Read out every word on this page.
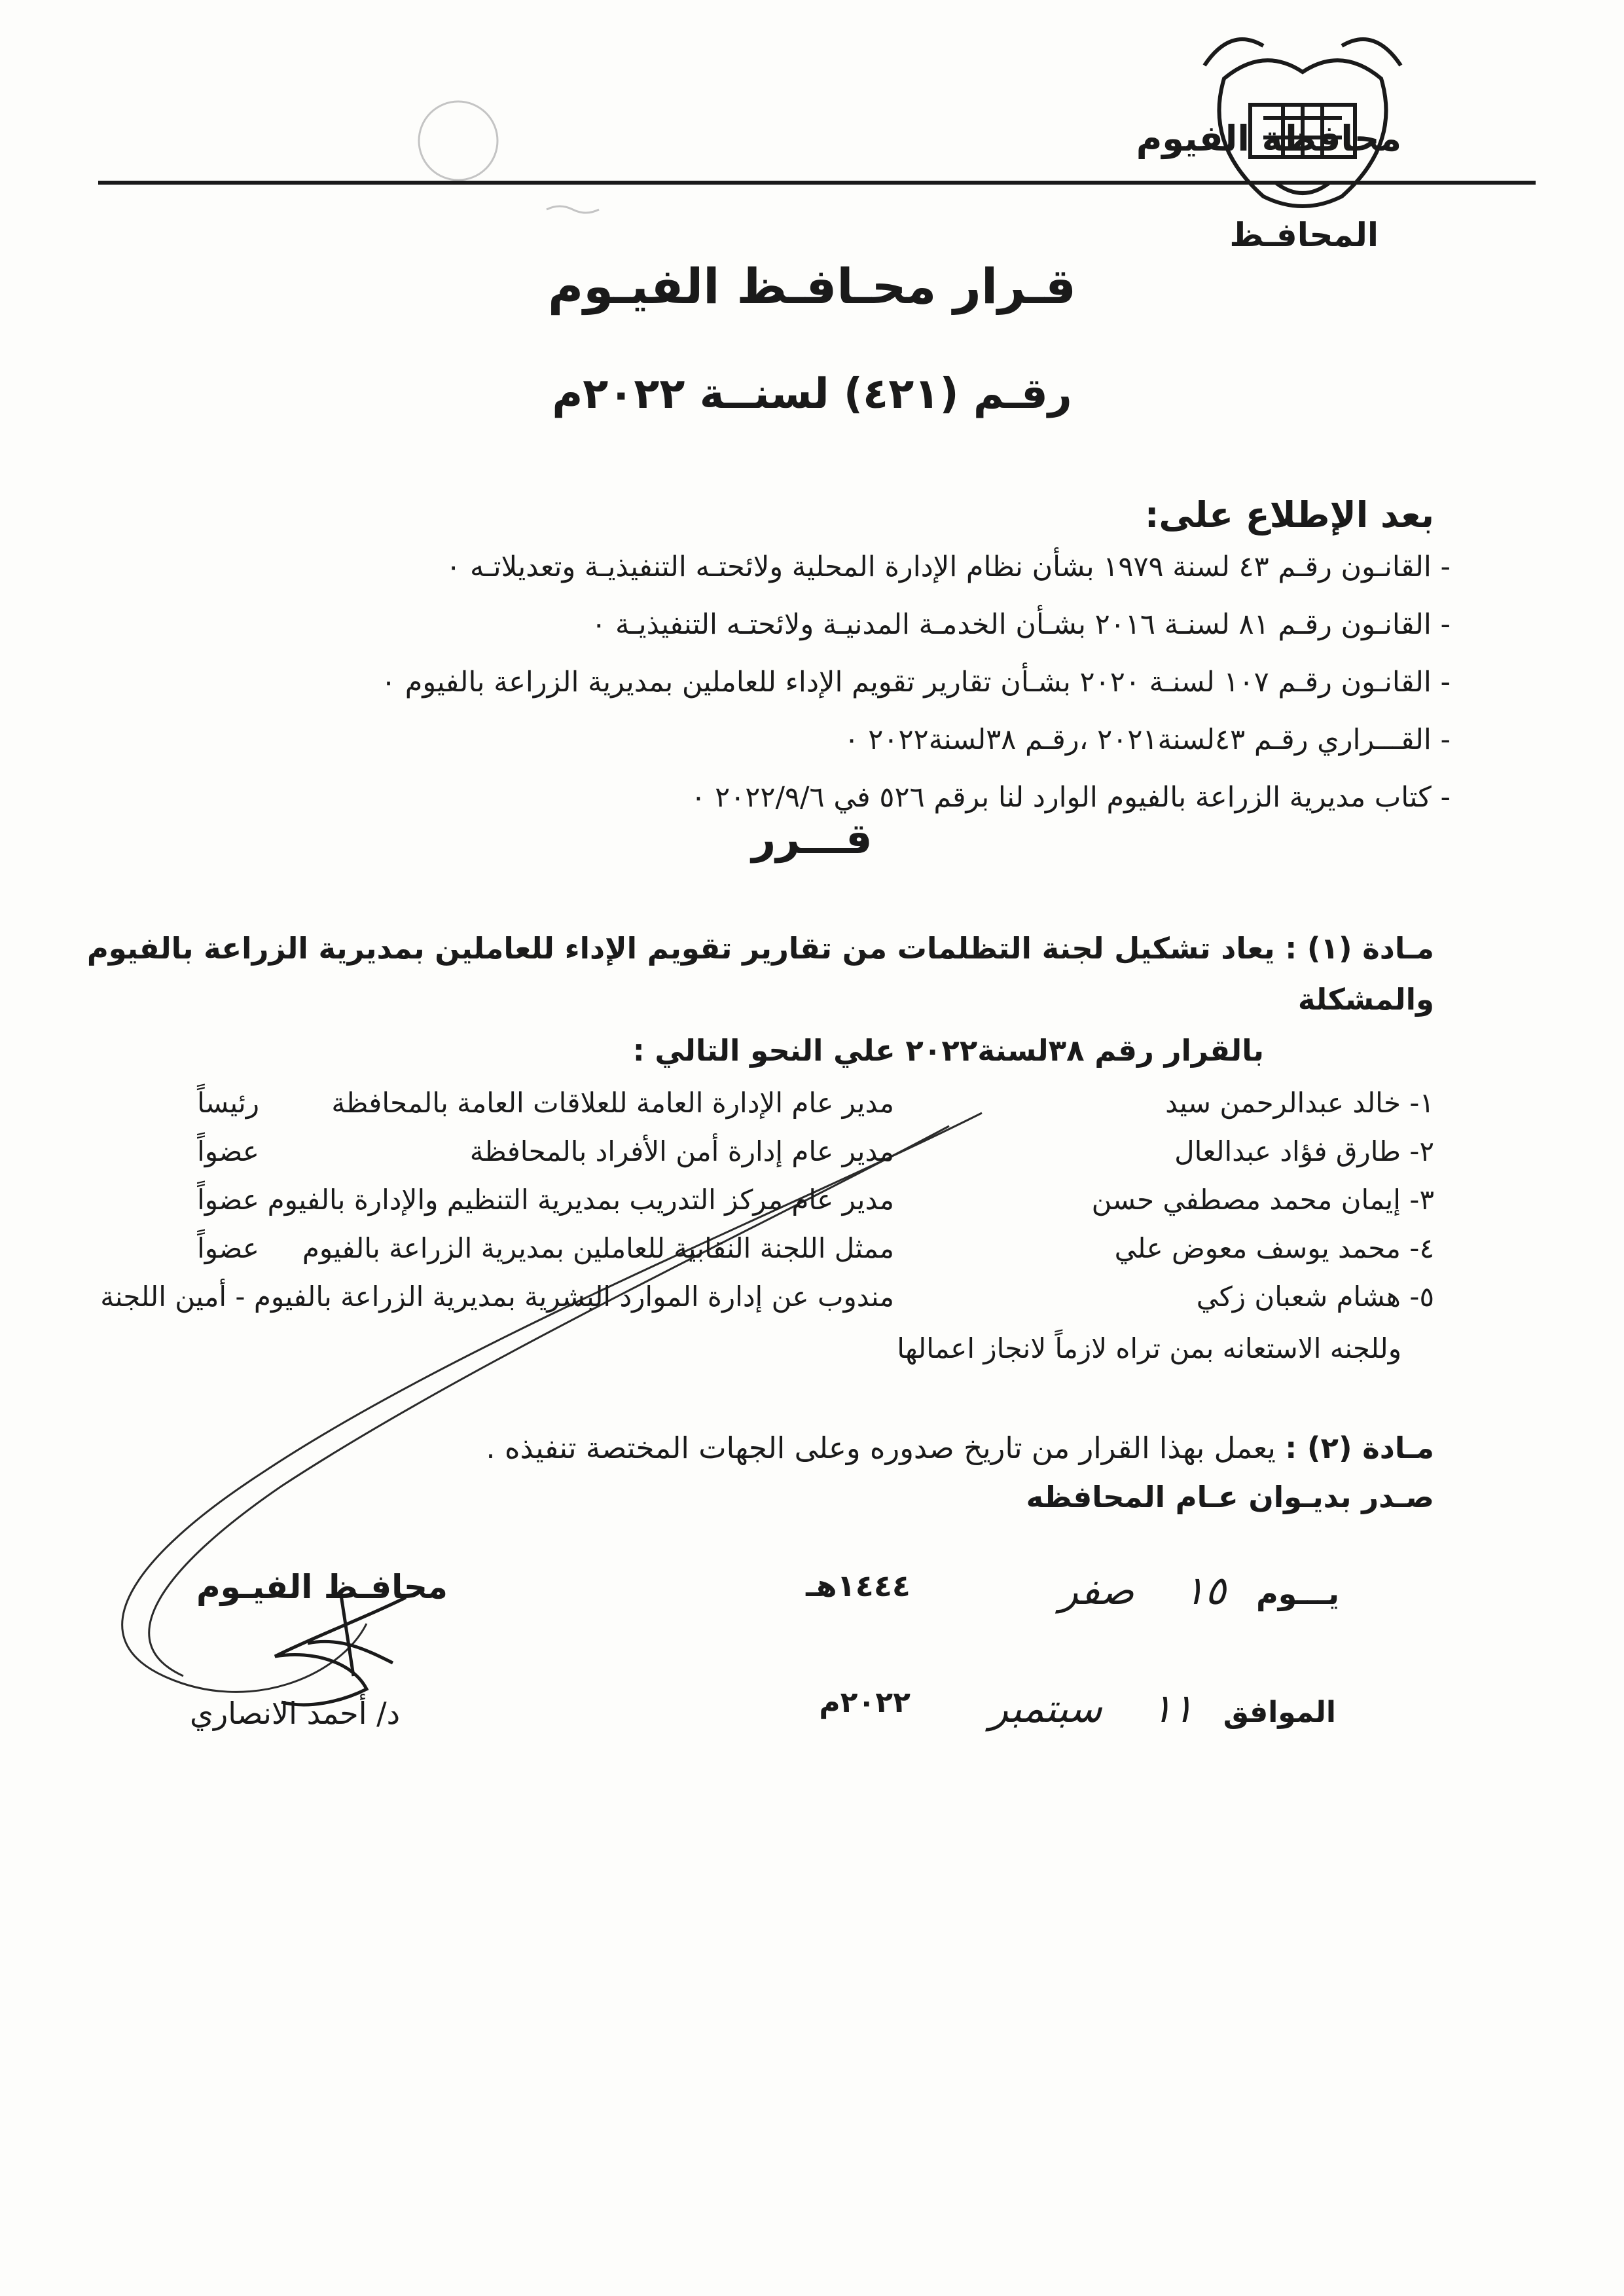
محافظة الفيوم
المحافـظ
قـرار محـافـظ الفيـوم
رقـم (٤٢١) لسنــة ٢٠٢٢م
بعد الإطلاع على:
- القانـون رقـم ٤٣ لسنة ١٩٧٩ بشأن نظام الإدارة المحلية ولائحتـه التنفيذيـة وتعديلاتـه ٠
- القانـون رقـم ٨١ لسنـة ٢٠١٦ بشـأن الخدمـة المدنيـة ولائحتـه التنفيذيـة ٠
- القانـون رقـم ١٠٧ لسنـة ٢٠٢٠ بشـأن تقارير تقويم الإداء للعاملين بمديرية الزراعة بالفيوم ٠
- القـــراري رقـم ٤٣لسنة٢٠٢١ ،رقـم ٣٨لسنة٢٠٢٢ ٠
- كتاب مديرية الزراعة بالفيوم الوارد لنا برقم ٥٢٦ في ٢٠٢٢/٩/٦ ٠
قـــرر
مـادة (١) : يعاد تشكيل لجنة التظلمات من تقارير تقويم الإداء للعاملين بمديرية الزراعة بالفيوم والمشكلة
بالقرار رقم ٣٨لسنة٢٠٢٢ علي النحو التالي :
١- خالد عبدالرحمن سيد
مدير عام الإدارة العامة للعلاقات العامة بالمحافظة
رئيساً
٢- طارق فؤاد عبدالعال
مدير عام إدارة أمن الأفراد بالمحافظة
عضواً
٣- إيمان محمد مصطفي حسن
مدير عام مركز التدريب بمديرية التنظيم والإدارة بالفيوم
عضواً
٤- محمد يوسف معوض علي
ممثل اللجنة النقابية للعاملين بمديرية الزراعة بالفيوم
عضواً
٥- هشام شعبان زكي
مندوب عن إدارة الموارد البشرية بمديرية الزراعة بالفيوم - أمين اللجنة
وللجنه الاستعانه بمن تراه لازماً لانجاز اعمالها
مـادة (٢) : يعمل بهذا القرار من تاريخ صدوره وعلى الجهات المختصة تنفيذه .
صـدر بديـوان عـام المحافظه
يـــوم ١٥ صفر
١٤٤٤هـ
الموافق ١١ سبتمبر
٢٠٢٢م
محافـظ الفيـوم
د/ أحمد الانصاري
